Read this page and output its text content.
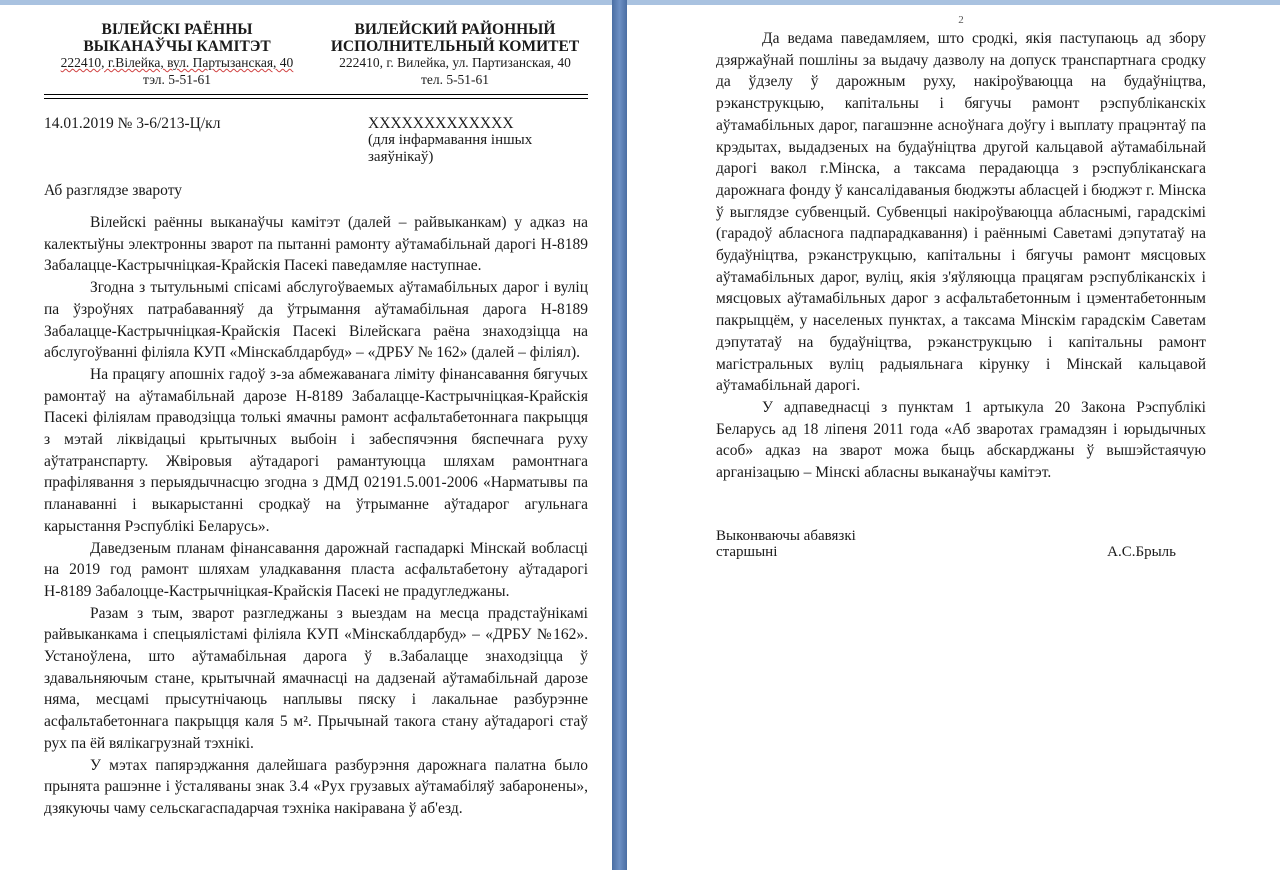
ВІЛЕЙСКІ РАЁННЫ
ВЫКАНАЎЧЫ КАМІТЭТ
222410, г.Вілейка, вул. Партызанская, 40
тэл. 5-51-61
ВИЛЕЙСКИЙ РАЙОННЫЙ
ИСПОЛНИТЕЛЬНЫЙ КОМИТЕТ
222410, г. Вилейка, ул. Партизанская, 40
тел. 5-51-61
14.01.2019 № 3-6/213-Ц/кл	XXXXXXXXXXXXX
(для інфармавання іншых заяўнікаў)
Аб разглядзе звароту

Вілейскі раённы выканаўчы камітэт (далей – райвыканкам) у адказ на калектыўны электронны зварот па пытанні рамонту аўтамабільнай дарогі Н-8189 Забалацце-Кастрычніцкая-Крайскія Пасекі паведамляе наступнае.

Згодна з тытульнымі спісамі абслугоўваемых аўтамабільных дарог і вуліц па ўзроўнях патрабаванняў да ўтрымання аўтамабільная дарога Н-8189 Забалацце-Кастрычніцкая-Крайскія Пасекі Вілейскага раёна знаходзіцца на абслугоўванні філіяла КУП «Мінскаблдарбуд» – «ДРБУ № 162» (далей – філіял).

На працягу апошніх гадоў з-за абмежаванага ліміту фінансавання бягучых рамонтаў на аўтамабільнай дарозе Н-8189 Забалацце-Кастрычніцкая-Крайскія Пасекі філіялам праводзіцца толькі ямачны рамонт асфальтабетоннага пакрыцця з мэтай ліквідацыі крытычных выбоін і забеспячэння бяспечнага руху аўтатранспарту. Жвіровыя аўтадарогі рамантуюцца шляхам рамонтнага прафілявання з перыядычнасцю згодна з ДМД 02191.5.001-2006 «Нарматывы па планаванні і выкарыстанні сродкаў на ўтрыманне аўтадарог агульнага карыстання Рэспублікі Беларусь».

Даведзеным планам фінансавання дарожнай гаспадаркі Мінскай вобласці на 2019 год рамонт шляхам уладкавання пласта асфальтабетону аўтадарогі Н-8189 Забалоцце-Кастрычніцкая-Крайскія Пасекі не прадугледжаны.

Разам з тым, зварот разгледжаны з выездам на месца прадстаўнікамі райвыканкама і спецыялістамі філіяла КУП «Мінскаблдарбуд» – «ДРБУ №162». Устаноўлена, што аўтамабільная дарога ў в.Забалацце знаходзіцца ў здавальняючым стане, крытычнай ямачнасці на дадзенай аўтамабільнай дарозе няма, месцамі прысутнічаюць наплывы пяску і лакальнае разбурэнне асфальтабетоннага пакрыцця каля 5 м². Прычынай такога стану аўтадарогі стаў рух па ёй вялікагрузнай тэхнікі.

У мэтах папярэджання далейшага разбурэння дарожнага палатна было прынята рашэнне і ўсталяваны знак 3.4 «Рух грузавых аўтамабіляў забаронены», дзякуючы чаму сельскагаспадарчая тэхніка накіравана ў аб'езд.

2

Да ведама паведамляем, што сродкі, якія паступаюць ад збору дзяржаўнай пошліны за выдачу дазволу на допуск транспартнага сродку да ўдзелу ў дарожным руху, накіроўваюцца на будаўніцтва, рэканструкцыю, капітальны і бягучы рамонт рэспубліканскіх аўтамабільных дарог, пагашэнне асноўнага доўгу і выплату працэнтаў па крэдытах, выдадзеных на будаўніцтва другой кальцавой аўтамабільнай дарогі вакол г.Мінска, а таксама перадаюцца з рэспубліканскага дарожнага фонду ў кансалідаваныя бюджэты абласцей і бюджэт г. Мінска ў выглядзе субвенцый. Субвенцыі накіроўваюцца абласнымі, гарадскімі (гарадоў абласнога падпарадкавання) і раённымі Саветамі дэпутатаў на будаўніцтва, рэканструкцыю, капітальны і бягучы рамонт мясцовых аўтамабільных дарог, вуліц, якія з'яўляюцца працягам рэспубліканскіх і мясцовых аўтамабільных дарог з асфальтабетонным і цэментабетонным пакрыццём, у населеных пунктах, а таксама Мінскім гарадскім Саветам дэпутатаў на будаўніцтва, рэканструкцыю і капітальны рамонт магістральных вуліц радыяльнага кірунку і Мінскай кальцавой аўтамабільнай дарогі.

У адпаведнасці з пунктам 1 артыкула 20 Закона Рэспублікі Беларусь ад 18 ліпеня 2011 года «Аб зваротах грамадзян і юрыдычных асоб» адказ на зварот можа быць абскарджаны ў вышэйстаячую арганізацыю – Мінскі абласны выканаўчы камітэт.

Выконваючы абавязкі
старшыні	А.С.Брыль
